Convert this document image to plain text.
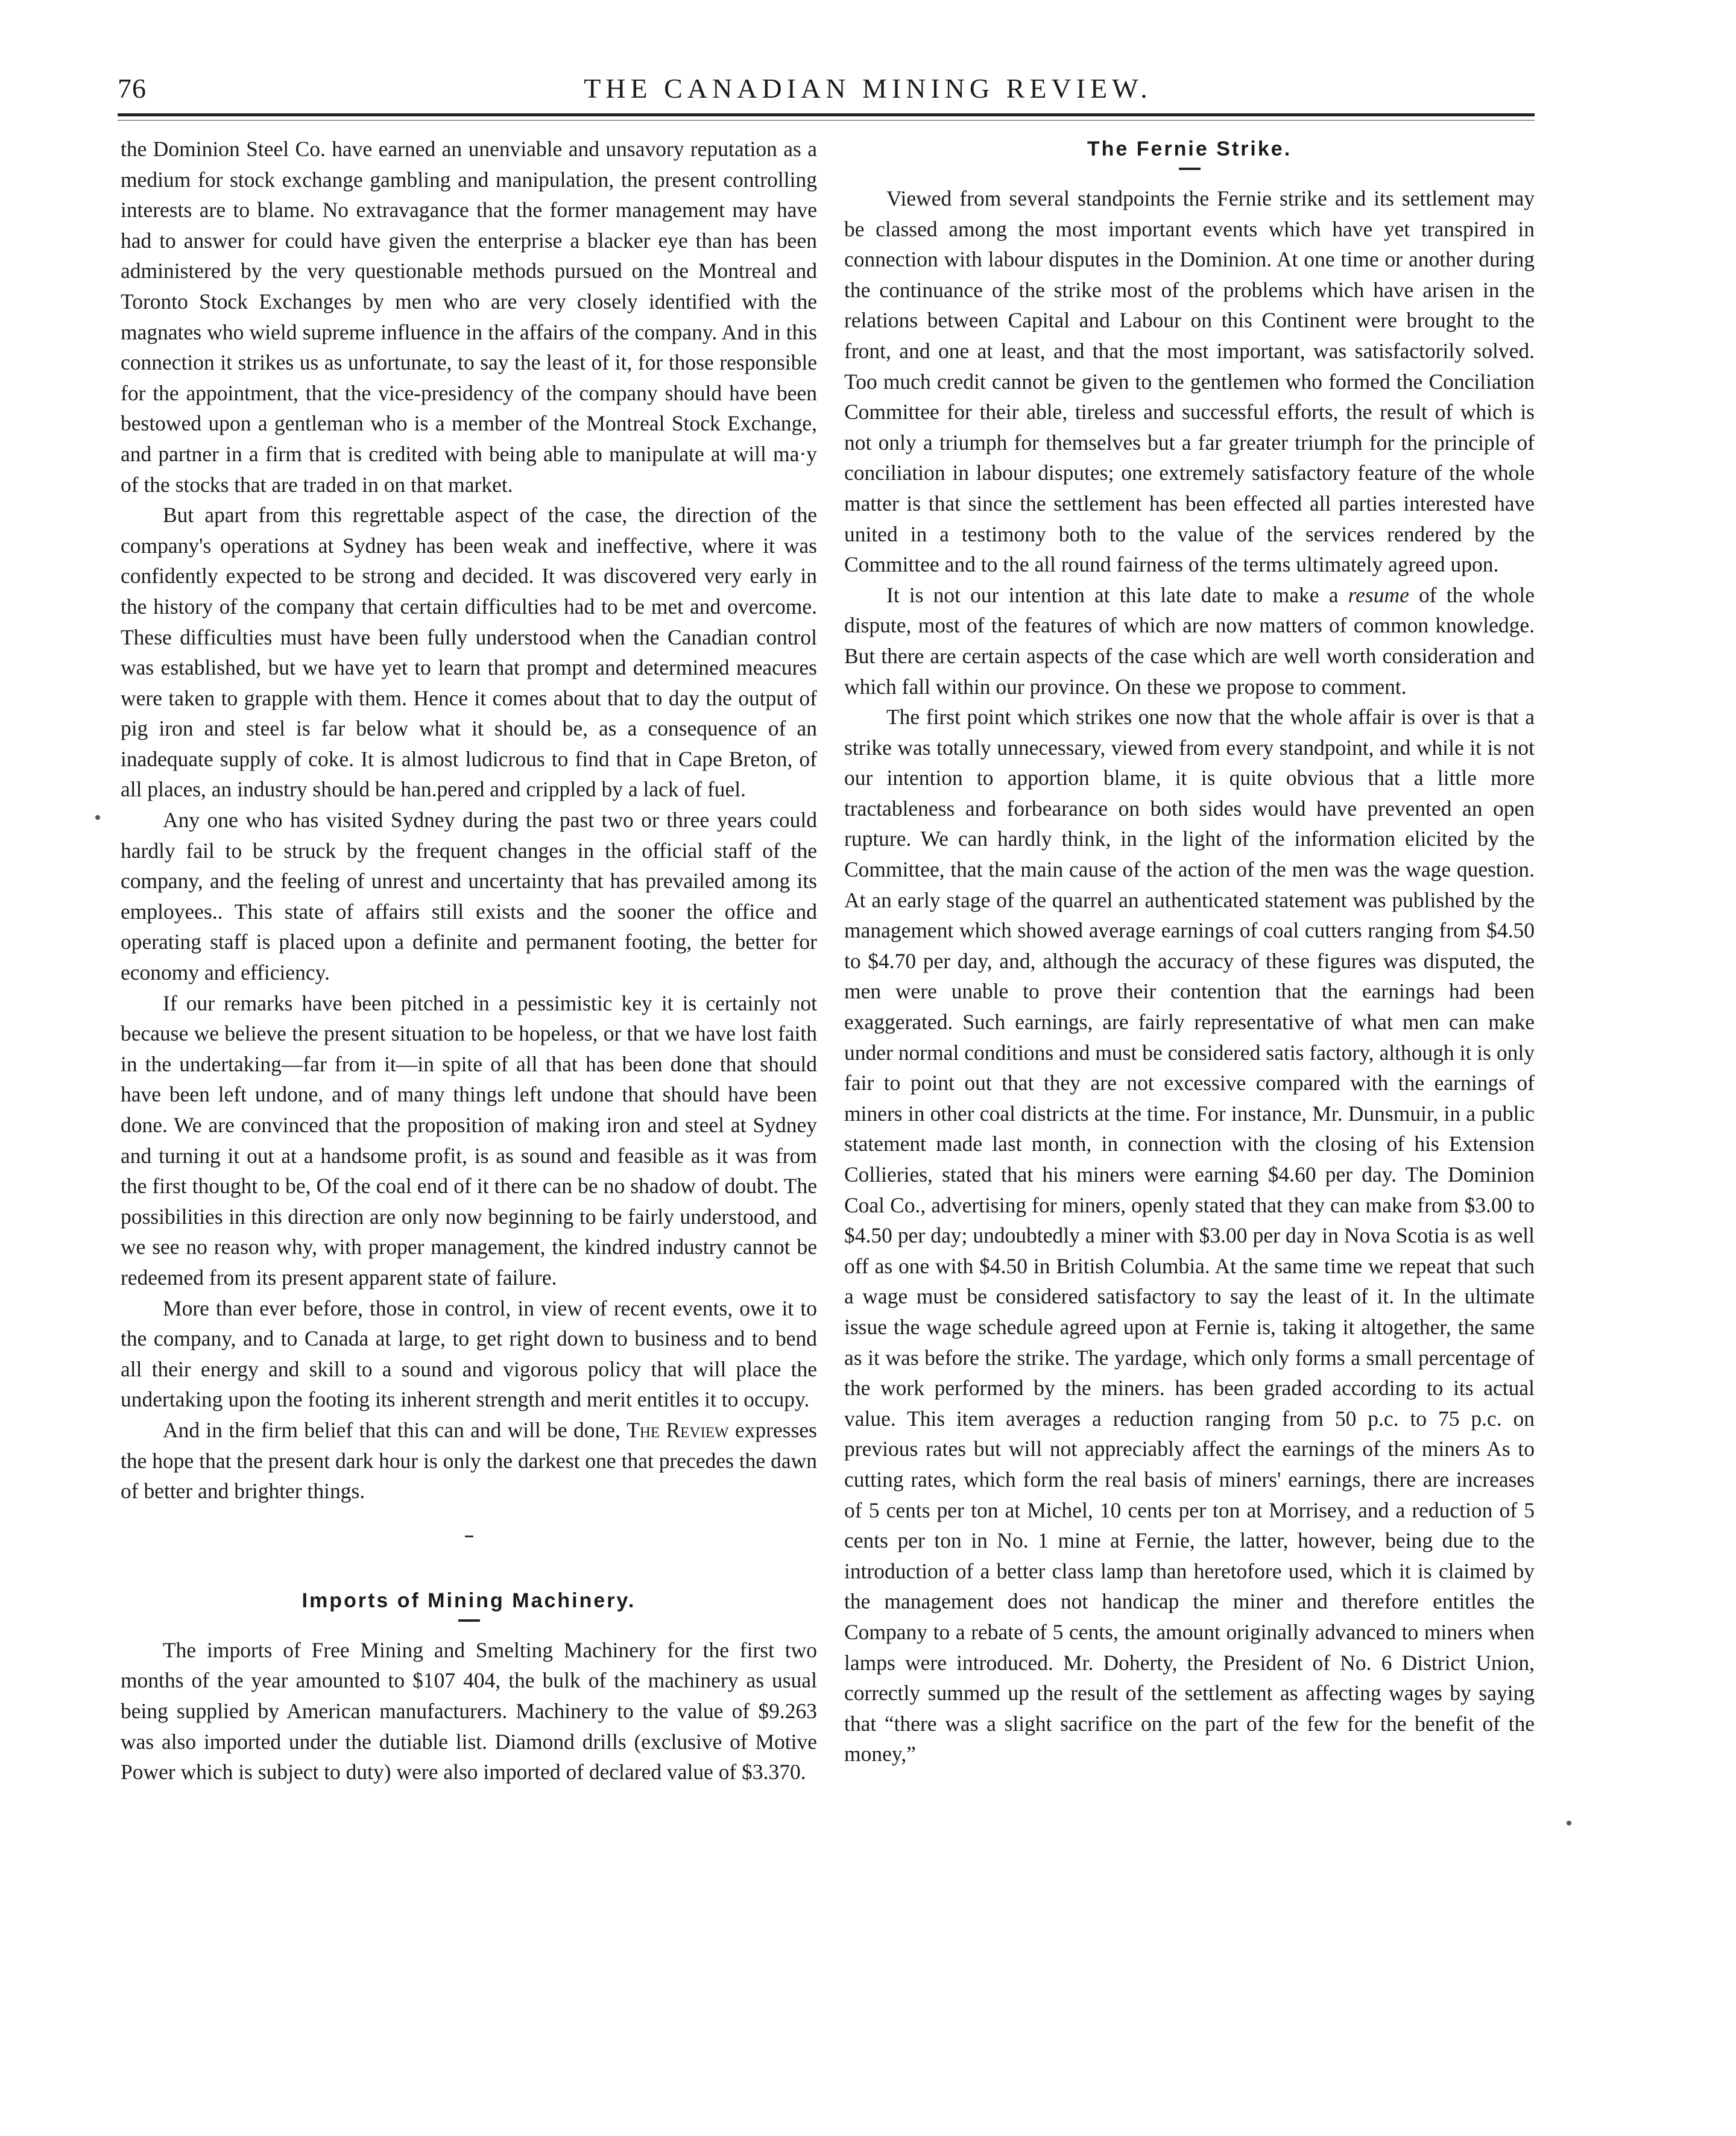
76	THE CANADIAN MINING REVIEW.

the Dominion Steel Co. have earned an unenviable and unsavory reputation as a medium for stock exchange gambling and manipulation, the present controlling interests are to blame. No extravagance that the former management may have had to answer for could have given the enterprise a blacker eye than has been administered by the very questionable methods pursued on the Montreal and Toronto Stock Exchanges by men who are very closely identified with the magnates who wield supreme influence in the affairs of the company. And in this connection it strikes us as unfortunate, to say the least of it, for those responsible for the appointment, that the vice-presidency of the company should have been bestowed upon a gentleman who is a member of the Montreal Stock Exchange, and partner in a firm that is credited with being able to manipulate at will ma·y of the stocks that are traded in on that market.

But apart from this regrettable aspect of the case, the direction of the company's operations at Sydney has been weak and ineffective, where it was confidently expected to be strong and decided. It was discovered very early in the history of the company that certain difficulties had to be met and overcome. These difficulties must have been fully understood when the Canadian control was established, but we have yet to learn that prompt and determined meacures were taken to grapple with them. Hence it comes about that to day the output of pig iron and steel is far below what it should be, as a consequence of an inadequate supply of coke. It is almost ludicrous to find that in Cape Breton, of all places, an industry should be han.pered and crippled by a lack of fuel.

Any one who has visited Sydney during the past two or three years could hardly fail to be struck by the frequent changes in the official staff of the company, and the feeling of unrest and uncertainty that has prevailed among its employees.. This state of affairs still exists and the sooner the office and operating staff is placed upon a definite and permanent footing, the better for economy and efficiency.

If our remarks have been pitched in a pessimistic key it is certainly not because we believe the present situation to be hopeless, or that we have lost faith in the undertaking—far from it—in spite of all that has been done that should have been left undone, and of many things left undone that should have been done. We are convinced that the proposition of making iron and steel at Sydney and turning it out at a handsome profit, is as sound and feasible as it was from the first thought to be, Of the coal end of it there can be no shadow of doubt. The possibilities in this direction are only now beginning to be fairly understood, and we see no reason why, with proper management, the kindred industry cannot be redeemed from its present apparent state of failure.

More than ever before, those in control, in view of recent events, owe it to the company, and to Canada at large, to get right down to business and to bend all their energy and skill to a sound and vigorous policy that will place the undertaking upon the footing its inherent strength and merit entitles it to occupy.

And in the firm belief that this can and will be done, The Review expresses the hope that the present dark hour is only the darkest one that precedes the dawn of better and brighter things.

Imports of Mining Machinery.

The imports of Free Mining and Smelting Machinery for the first two months of the year amounted to $107 404, the bulk of the machinery as usual being supplied by American manufacturers. Machinery to the value of $9.263 was also imported under the dutiable list. Diamond drills (exclusive of Motive Power which is subject to duty) were also imported of declared value of $3.370.

The Fernie Strike.

Viewed from several standpoints the Fernie strike and its settlement may be classed among the most important events which have yet transpired in connection with labour disputes in the Dominion. At one time or another during the continuance of the strike most of the problems which have arisen in the relations between Capital and Labour on this Continent were brought to the front, and one at least, and that the most important, was satisfactorily solved. Too much credit cannot be given to the gentlemen who formed the Conciliation Committee for their able, tireless and successful efforts, the result of which is not only a triumph for themselves but a far greater triumph for the principle of conciliation in labour disputes; one extremely satisfactory feature of the whole matter is that since the settlement has been effected all parties interested have united in a testimony both to the value of the services rendered by the Committee and to the all round fairness of the terms ultimately agreed upon.

It is not our intention at this late date to make a resume of the whole dispute, most of the features of which are now matters of common knowledge. But there are certain aspects of the case which are well worth consideration and which fall within our province. On these we propose to comment.

The first point which strikes one now that the whole affair is over is that a strike was totally unnecessary, viewed from every standpoint, and while it is not our intention to apportion blame, it is quite obvious that a little more tractableness and forbearance on both sides would have prevented an open rupture. We can hardly think, in the light of the information elicited by the Committee, that the main cause of the action of the men was the wage question. At an early stage of the quarrel an authenticated statement was published by the management which showed average earnings of coal cutters ranging from $4.50 to $4.70 per day, and, although the accuracy of these figures was disputed, the men were unable to prove their contention that the earnings had been exaggerated. Such earnings, are fairly representative of what men can make under normal conditions and must be considered satis factory, although it is only fair to point out that they are not excessive compared with the earnings of miners in other coal districts at the time. For instance, Mr. Dunsmuir, in a public statement made last month, in connection with the closing of his Extension Collieries, stated that his miners were earning $4.60 per day. The Dominion Coal Co., advertising for miners, openly stated that they can make from $3.00 to $4.50 per day; undoubtedly a miner with $3.00 per day in Nova Scotia is as well off as one with $4.50 in British Columbia. At the same time we repeat that such a wage must be considered satisfactory to say the least of it. In the ultimate issue the wage schedule agreed upon at Fernie is, taking it altogether, the same as it was before the strike. The yardage, which only forms a small percentage of the work performed by the miners. has been graded according to its actual value. This item averages a reduction ranging from 50 p.c. to 75 p.c. on previous rates but will not appreciably affect the earnings of the miners As to cutting rates, which form the real basis of miners' earnings, there are increases of 5 cents per ton at Michel, 10 cents per ton at Morrisey, and a reduction of 5 cents per ton in No. 1 mine at Fernie, the latter, however, being due to the introduction of a better class lamp than heretofore used, which it is claimed by the management does not handicap the miner and therefore entitles the Company to a rebate of 5 cents, the amount originally advanced to miners when lamps were introduced. Mr. Doherty, the President of No. 6 District Union, correctly summed up the result of the settlement as affecting wages by saying that “there was a slight sacrifice on the part of the few for the benefit of the money,”
